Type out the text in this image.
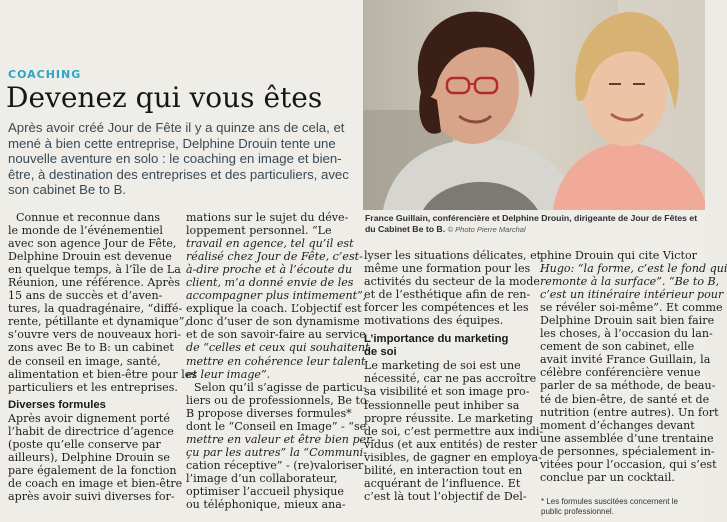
COACHING
Devenez qui vous êtes
Après avoir créé Jour de Fête il y a quinze ans de cela, et mené à bien cette entreprise, Delphine Drouin tente une nouvelle aventure en solo : le coaching en image et bien-être, à destination des entreprises et des particuliers, avec son cabinet Be to B.
France Guillain, conférencière et Delphine Drouin, dirigeante de Jour de Fêtes et du Cabinet Be to B. © Photo Pierre Marchal
Connue et reconnue dans
le monde de l’événementiel
avec son agence Jour de Fête,
Delphine Drouin est devenue
en quelque temps, à l’île de La
Réunion, une référence. Après
15 ans de succès et d’aven-
tures, la quadragénaire, “diffé-
rente, pétillante et dynamique”,
s’ouvre vers de nouveaux hori-
zons avec Be to B: un cabinet
de conseil en image, santé,
alimentation et bien-être pour les
particuliers et les entreprises.
Diverses formules
Après avoir dignement porté
l’habit de directrice d’agence
(poste qu’elle conserve par
ailleurs), Delphine Drouin se
pare également de la fonction
de coach en image et bien-être
après avoir suivi diverses for-
mations sur le sujet du déve-
loppement personnel. “Le
travail en agence, tel qu’il est
réalisé chez Jour de Fête, c’est-
à-dire proche et à l’écoute du
client, m’a donné envie de les
accompagner plus intimement”,
explique la coach. L’objectif est
donc d’user de son dynamisme
et de son savoir-faire au service
de “celles et ceux qui souhaitent
mettre en cohérence leur talent
et leur image”.
Selon qu’il s’agisse de particu-
liers ou de professionnels, Be to
B propose diverses formules*
dont le “Conseil en Image” - “se
mettre en valeur et être bien per-
çu par les autres” la “Communi-
cation réceptive” - (re)valoriser
l’image d’un collaborateur,
optimiser l’accueil physique
ou téléphonique, mieux ana-
lyser les situations délicates, et
même une formation pour les
activités du secteur de la mode
et de l’esthétique afin de ren-
forcer les compétences et les
motivations des équipes.
L’importance du marketing
de soi
Le marketing de soi est une
nécessité, car ne pas accroître
sa visibilité et son image pro-
fessionnelle peut inhiber sa
propre réussite. Le marketing
de soi, c’est permettre aux indi-
vidus (et aux entités) de rester
visibles, de gagner en employa-
bilité, en interaction tout en
acquérant de l’influence. Et
c’est là tout l’objectif de Del-
phine Drouin qui cite Victor
Hugo: “la forme, c’est le fond qui
remonte à la surface”. “Be to B,
c’est un itinéraire intérieur pour
se révéler soi-même”. Et comme
Delphine Drouin sait bien faire
les choses, à l’occasion du lan-
cement de son cabinet, elle
avait invité France Guillain, la
célèbre conférencière venue
parler de sa méthode, de beau-
té de bien-être, de santé et de
nutrition (entre autres). Un fort
moment d’échanges devant
une assemblée d’une trentaine
de personnes, spécialement in-
vitées pour l’occasion, qui s’est
conclue par un cocktail.
* Les formules suscitées concernent le public professionnel.
